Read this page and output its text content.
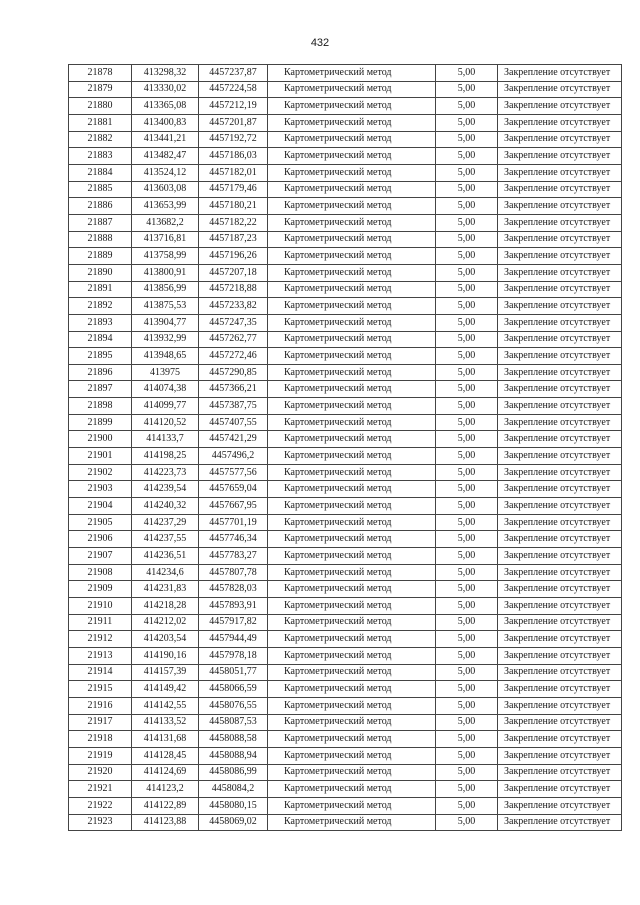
432
21878	413298,32	4457237,87	Картометрический метод	5,00	Закрепление отсутствует
21879	413330,02	4457224,58	Картометрический метод	5,00	Закрепление отсутствует
21880	413365,08	4457212,19	Картометрический метод	5,00	Закрепление отсутствует
21881	413400,83	4457201,87	Картометрический метод	5,00	Закрепление отсутствует
21882	413441,21	4457192,72	Картометрический метод	5,00	Закрепление отсутствует
21883	413482,47	4457186,03	Картометрический метод	5,00	Закрепление отсутствует
21884	413524,12	4457182,01	Картометрический метод	5,00	Закрепление отсутствует
21885	413603,08	4457179,46	Картометрический метод	5,00	Закрепление отсутствует
21886	413653,99	4457180,21	Картометрический метод	5,00	Закрепление отсутствует
21887	413682,2	4457182,22	Картометрический метод	5,00	Закрепление отсутствует
21888	413716,81	4457187,23	Картометрический метод	5,00	Закрепление отсутствует
21889	413758,99	4457196,26	Картометрический метод	5,00	Закрепление отсутствует
21890	413800,91	4457207,18	Картометрический метод	5,00	Закрепление отсутствует
21891	413856,99	4457218,88	Картометрический метод	5,00	Закрепление отсутствует
21892	413875,53	4457233,82	Картометрический метод	5,00	Закрепление отсутствует
21893	413904,77	4457247,35	Картометрический метод	5,00	Закрепление отсутствует
21894	413932,99	4457262,77	Картометрический метод	5,00	Закрепление отсутствует
21895	413948,65	4457272,46	Картометрический метод	5,00	Закрепление отсутствует
21896	413975	4457290,85	Картометрический метод	5,00	Закрепление отсутствует
21897	414074,38	4457366,21	Картометрический метод	5,00	Закрепление отсутствует
21898	414099,77	4457387,75	Картометрический метод	5,00	Закрепление отсутствует
21899	414120,52	4457407,55	Картометрический метод	5,00	Закрепление отсутствует
21900	414133,7	4457421,29	Картометрический метод	5,00	Закрепление отсутствует
21901	414198,25	4457496,2	Картометрический метод	5,00	Закрепление отсутствует
21902	414223,73	4457577,56	Картометрический метод	5,00	Закрепление отсутствует
21903	414239,54	4457659,04	Картометрический метод	5,00	Закрепление отсутствует
21904	414240,32	4457667,95	Картометрический метод	5,00	Закрепление отсутствует
21905	414237,29	4457701,19	Картометрический метод	5,00	Закрепление отсутствует
21906	414237,55	4457746,34	Картометрический метод	5,00	Закрепление отсутствует
21907	414236,51	4457783,27	Картометрический метод	5,00	Закрепление отсутствует
21908	414234,6	4457807,78	Картометрический метод	5,00	Закрепление отсутствует
21909	414231,83	4457828,03	Картометрический метод	5,00	Закрепление отсутствует
21910	414218,28	4457893,91	Картометрический метод	5,00	Закрепление отсутствует
21911	414212,02	4457917,82	Картометрический метод	5,00	Закрепление отсутствует
21912	414203,54	4457944,49	Картометрический метод	5,00	Закрепление отсутствует
21913	414190,16	4457978,18	Картометрический метод	5,00	Закрепление отсутствует
21914	414157,39	4458051,77	Картометрический метод	5,00	Закрепление отсутствует
21915	414149,42	4458066,59	Картометрический метод	5,00	Закрепление отсутствует
21916	414142,55	4458076,55	Картометрический метод	5,00	Закрепление отсутствует
21917	414133,52	4458087,53	Картометрический метод	5,00	Закрепление отсутствует
21918	414131,68	4458088,58	Картометрический метод	5,00	Закрепление отсутствует
21919	414128,45	4458088,94	Картометрический метод	5,00	Закрепление отсутствует
21920	414124,69	4458086,99	Картометрический метод	5,00	Закрепление отсутствует
21921	414123,2	4458084,2	Картометрический метод	5,00	Закрепление отсутствует
21922	414122,89	4458080,15	Картометрический метод	5,00	Закрепление отсутствует
21923	414123,88	4458069,02	Картометрический метод	5,00	Закрепление отсутствует
